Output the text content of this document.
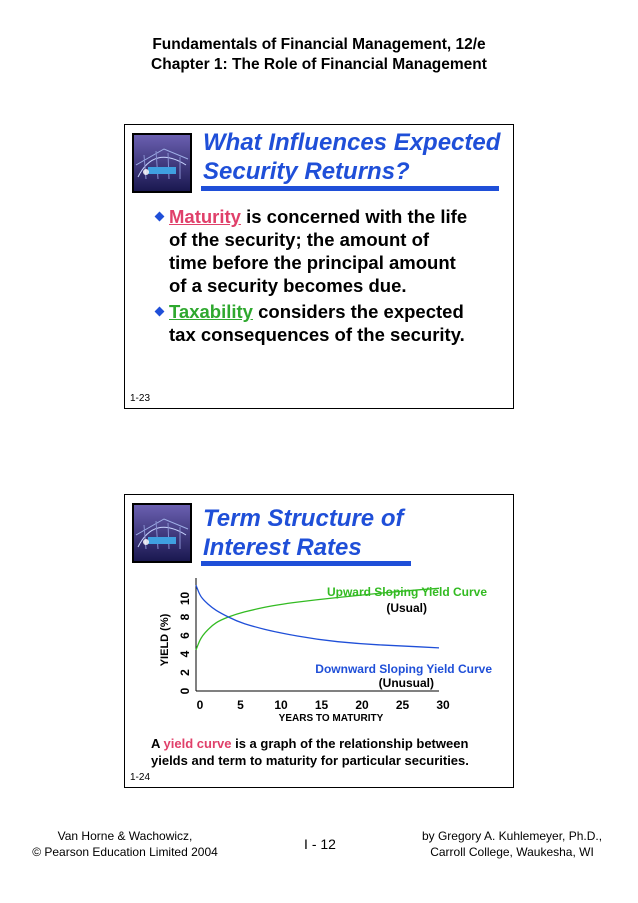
Fundamentals of Financial Management, 12/e
Chapter 1: The Role of Financial Management
What Influences Expected
Security Returns?
Maturity is concerned with the life
of the security; the amount of
time before the principal amount
of a security becomes due.
Taxability considers the expected
tax consequences of the security.
1-23
Term Structure of
Interest Rates
0	5	10 15 20 25 30
0
2
4
6
8
10
YEARS TO MATURITY
YIELD (%)
Upward Sloping Yield Curve
(Usual)
Downward Sloping Yield Curve
(Unusual)
A yield curve is a graph of the relationship between
yields and term to maturity for particular securities.
1-24
Van Horne & Wachowicz,
© Pearson Education Limited 2004	I - 12	by Gregory A. Kuhlemeyer, Ph.D.,
Carroll College, Waukesha, WI
